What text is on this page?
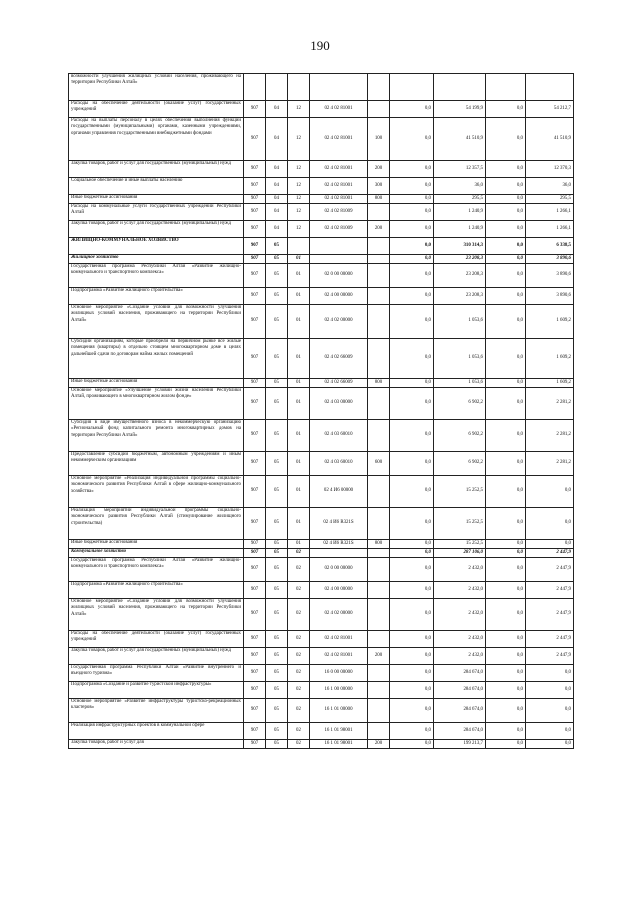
190
возможности улучшения жилищных условий населения, проживающего на территории Республики Алтай»									
Расходы на обеспечение деятельности (оказание услуг) государственных учреждений	907	04	12	02 4 02 81001		0,0	54 199,9	0,0	54 212,7
Расходы на выплаты персоналу в целях обеспечения выполнения функций государственными (муниципальными) органами, казенными учреждениями, органами управления государственными внебюджетными фондами	907	04	12	02 4 02 81001	100	0,0	41 510,9	0,0	41 510,9
Закупка товаров, работ и услуг для государственных (муниципальных) нужд	907	04	12	02 4 02 81001	200	0,0	12 357,5	0,0	12 370,3
Социальное обеспечение и иные выплаты населению	907	04	12	02 4 02 81001	300	0,0	36,0	0,0	36,0
Иные бюджетные ассигнования	907	04	12	02 4 02 81001	800	0,0	295,5	0,0	295,5
Расходы на коммунальные услуги государственных учреждений Республики Алтай	907	04	12	02 4 02 81009		0,0	1 240,9	0,0	1 266,1
Закупка товаров, работ и услуг для государственных (муниципальных) нужд	907	04	12	02 4 02 81009	200	0,0	1 240,9	0,0	1 266,1
ЖИЛИЩНО-КОММУНАЛЬНОЕ ХОЗЯЙСТВО	907	05				0,0	310 314,3	0,0	6 338,5
Жилищное хозяйство	907	05	01			0,0	23 208,3	0,0	3 890,6
Государственная программа Республики Алтай «Развитие жилищно-коммунального и транспортного комплекса»	907	05	01	02 0 00 00000		0,0	23 208,3	0,0	3 890,6
Подпрограмма «Развитие жилищного строительства»	907	05	01	02 4 00 00000		0,0	23 208,3	0,0	3 890,6
Основное мероприятие «Создание условий для возможности улучшения жилищных условий населения, проживающего на территории Республики Алтай»	907	05	01	02 4 02 00000		0,0	1 053,6	0,0	1 609,2
Субсидии организациям, которые приобрели на первичном рынке все жилые помещения (квартиры) в отдельно стоящем многоквартирном доме в целях дальнейшей сдачи по договорам найма жилых помещений	907	05	01	02 4 02 66009		0,0	1 053,6	0,0	1 609,2
Иные бюджетные ассигнования	907	05	01	02 4 02 66009	800	0,0	1 053,6	0,0	1 609,2
Основное мероприятие «Улучшение условий жизни населения Республики Алтай, проживающего в многоквартирном жилом фонде»	907	05	01	02 4 03 00000		0,0	6 902,2	0,0	2 281,2
Субсидия в виде имущественного взноса в некоммерческую организацию «Региональный фонд капитального ремонта многоквартирных домов на территории Республики Алтай»	907	05	01	02 4 03 60010		0,0	6 902,2	0,0	2 281,2
Предоставление субсидий бюджетным, автономным учреждениям и иным некоммерческим организациям	907	05	01	02 4 03 60010	600	0,0	6 902,2	0,0	2 281,2
Основное мероприятие «Реализация индивидуальной программы социально-экономического развития Республики Алтай в сфере жилищно-коммунального хозяйства»	907	05	01	02 4 И6 00000		0,0	15 252,5	0,0	0,0
Реализация мероприятий индивидуальной программы социально-экономического развития Республики Алтай (стимулирование жилищного строительства)	907	05	01	02 4 И6 R321S		0,0	15 252,5	0,0	0,0
Иные бюджетные ассигнования	907	05	01	02 4 И6 R321S	800	0,0	15 252,5	0,0	0,0
Коммунальное хозяйство	907	05	02			0,0	287 106,0	0,0	2 447,9
Государственная программа Республики Алтай «Развитие жилищно-коммунального и транспортного комплекса»	907	05	02	02 0 00 00000		0,0	2 432,0	0,0	2 447,9
Подпрограмма «Развитие жилищного строительства»	907	05	02	02 4 00 00000		0,0	2 432,0	0,0	2 447,9
Основное мероприятие «Создание условий для возможности улучшения жилищных условий населения, проживающего на территории Республики Алтай»	907	05	02	02 4 02 00000		0,0	2 432,0	0,0	2 447,9
Расходы на обеспечение деятельности (оказание услуг) государственных учреждений	907	05	02	02 4 02 81001		0,0	2 432,0	0,0	2 447,9
Закупка товаров, работ и услуг для государственных (муниципальных) нужд	907	05	02	02 4 02 81001	200	0,0	2 432,0	0,0	2 447,9
Государственная программа Республики Алтай «Развитие внутреннего и въездного туризма»	907	05	02	16 0 00 00000		0,0	284 674,0	0,0	0,0
Подпрограмма «Создание и развитие туристской инфраструктуры»	907	05	02	16 1 00 00000		0,0	284 674,0	0,0	0,0
Основное мероприятие «Развитие инфраструктуры туристско-рекреационных кластеров»	907	05	02	16 1 01 00000		0,0	284 674,0	0,0	0,0
Реализация инфраструктурных проектов в коммунальной сфере	907	05	02	16 1 01 98001		0,0	284 674,0	0,0	0,0
Закупка товаров, работ и услуг для	907	05	02	16 1 01 98001	200	0,0	199 213,7	0,0	0,0
